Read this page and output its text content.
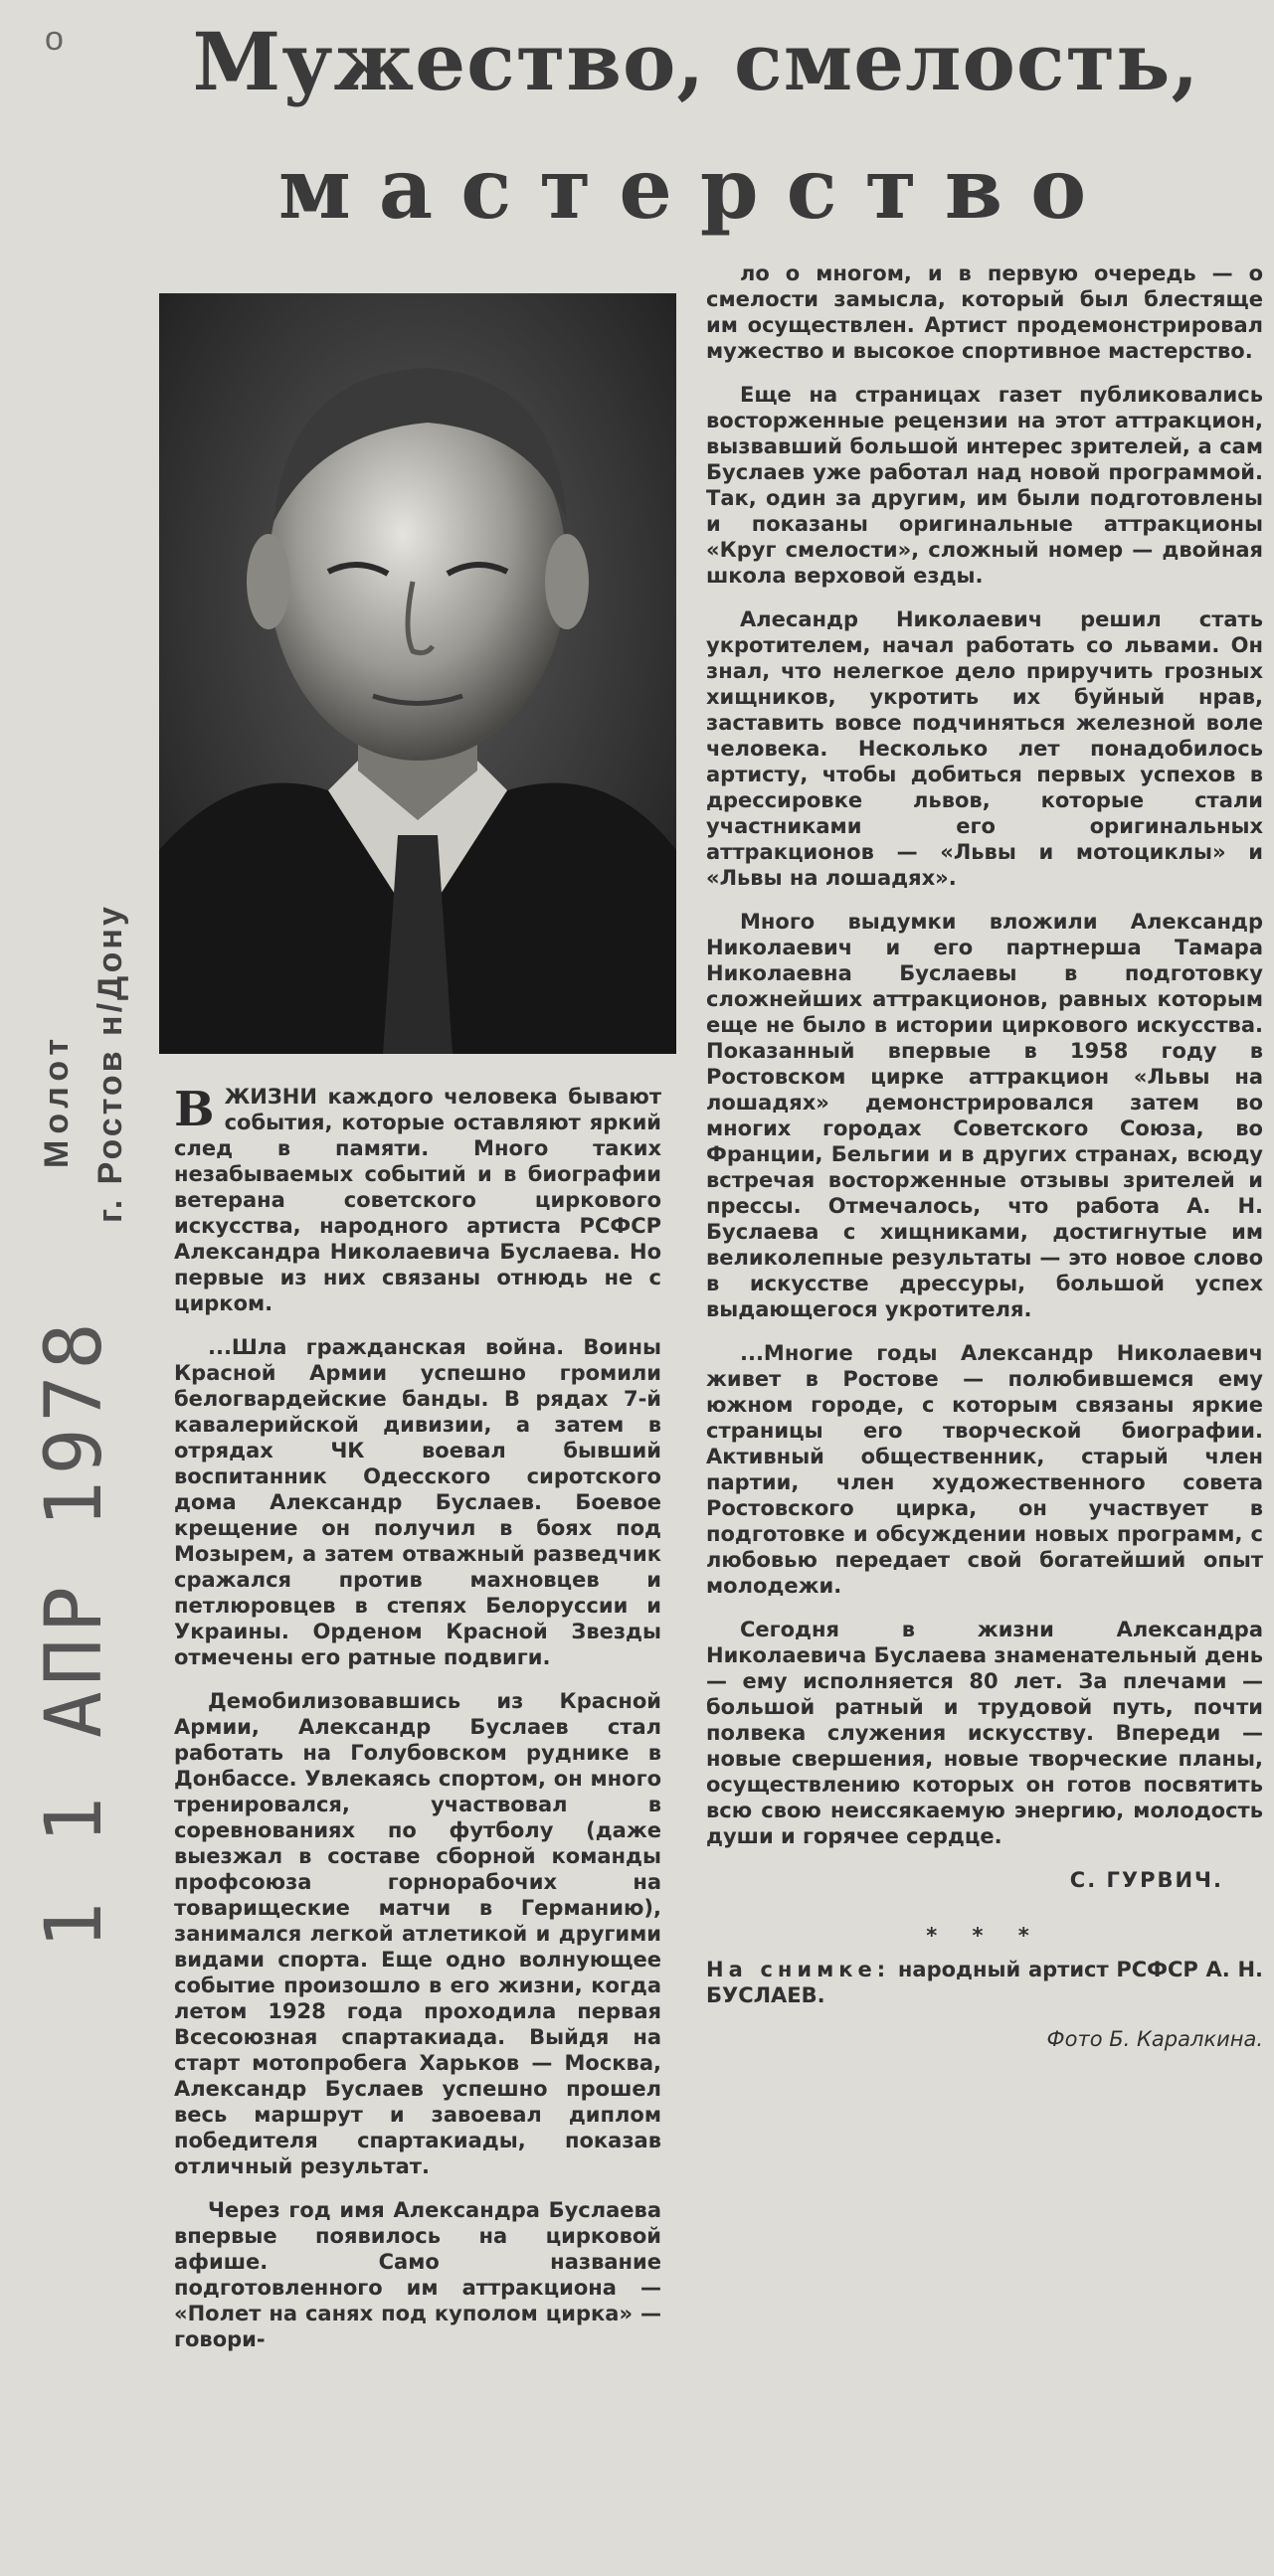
о	Мужество, смелость,
мастерство
Молот г. Ростов н/Дону
1 1 АПР 1978

В ЖИЗНИ каждого человека бывают события, которые оставляют яркий след в памяти. Много таких незабываемых событий и в биографии ветерана советского циркового искусства, народного артиста РСФСР Александра Николаевича Буслаева. Но первые из них связаны отнюдь не с цирком.

...Шла гражданская война. Воины Красной Армии успешно громили белогвардейские банды. В рядах 7-й кавалерийской дивизии, а затем в отрядах ЧК воевал бывший воспитанник Одесского сиротского дома Александр Буслаев. Боевое крещение он получил в боях под Мозырем, а затем отважный разведчик сражался против махновцев и петлюровцев в степях Белоруссии и Украины. Орденом Красной Звезды отмечены его ратные подвиги.

Демобилизовавшись из Красной Армии, Александр Буслаев стал работать на Голубовском руднике в Донбассе. Увлекаясь спортом, он много тренировался, участвовал в соревнованиях по футболу (даже выезжал в составе сборной команды профсоюза горнорабочих на товарищеские матчи в Германию), занимался легкой атлетикой и другими видами спорта. Еще одно волнующее событие произошло в его жизни, когда летом 1928 года проходила первая Всесоюзная спартакиада. Выйдя на старт мотопробега Харьков — Москва, Александр Буслаев успешно прошел весь маршрут и завоевал диплом победителя спартакиады, показав отличный результат.

Через год имя Александра Буслаева впервые появилось на цирковой афише. Само название подготовленного им аттракциона — «Полет на санях под куполом цирка» — говори-

ло о многом, и в первую очередь — о смелости замысла, который был блестяще им осуществлен. Артист продемонстрировал мужество и высокое спортивное мастерство.

Еще на страницах газет публиковались восторженные рецензии на этот аттракцион, вызвавший большой интерес зрителей, а сам Буслаев уже работал над новой программой. Так, один за другим, им были подготовлены и показаны оригинальные аттракционы «Круг смелости», сложный номер — двойная школа верховой езды.

Алесандр Николаевич решил стать укротителем, начал работать со львами. Он знал, что нелегкое дело приручить грозных хищников, укротить их буйный нрав, заставить вовсе подчиняться железной воле человека. Несколько лет понадобилось артисту, чтобы добиться первых успехов в дрессировке львов, которые стали участниками его оригинальных аттракционов — «Львы и мотоциклы» и «Львы на лошадях».

Много выдумки вложили Александр Николаевич и его партнерша Тамара Николаевна Буслаевы в подготовку сложнейших аттракционов, равных которым еще не было в истории циркового искусства. Показанный впервые в 1958 году в Ростовском цирке аттракцион «Львы на лошадях» демонстрировался затем во многих городах Советского Союза, во Франции, Бельгии и в других странах, всюду встречая восторженные отзывы зрителей и прессы. Отмечалось, что работа А. Н. Буслаева с хищниками, достигнутые им великолепные результаты — это новое слово в искусстве дрессуры, большой успех выдающегося укротителя.

...Многие годы Александр Николаевич живет в Ростове — полюбившемся ему южном городе, с которым связаны яркие страницы его творческой биографии. Активный общественник, старый член партии, член художественного совета Ростовского цирка, он участвует в подготовке и обсуждении новых программ, с любовью передает свой богатейший опыт молодежи.

Сегодня в жизни Александра Николаевича Буслаева знаменательный день — ему исполняется 80 лет. За плечами — большой ратный и трудовой путь, почти полвека служения искусству. Впереди — новые свершения, новые творческие планы, осуществлению которых он готов посвятить всю свою неиссякаемую энергию, молодость души и горячее сердце.

С. ГУРВИЧ.
* * *

На снимке: народный артист РСФСР А. Н. БУСЛАЕВ.

Фото Б. Каралкина.
